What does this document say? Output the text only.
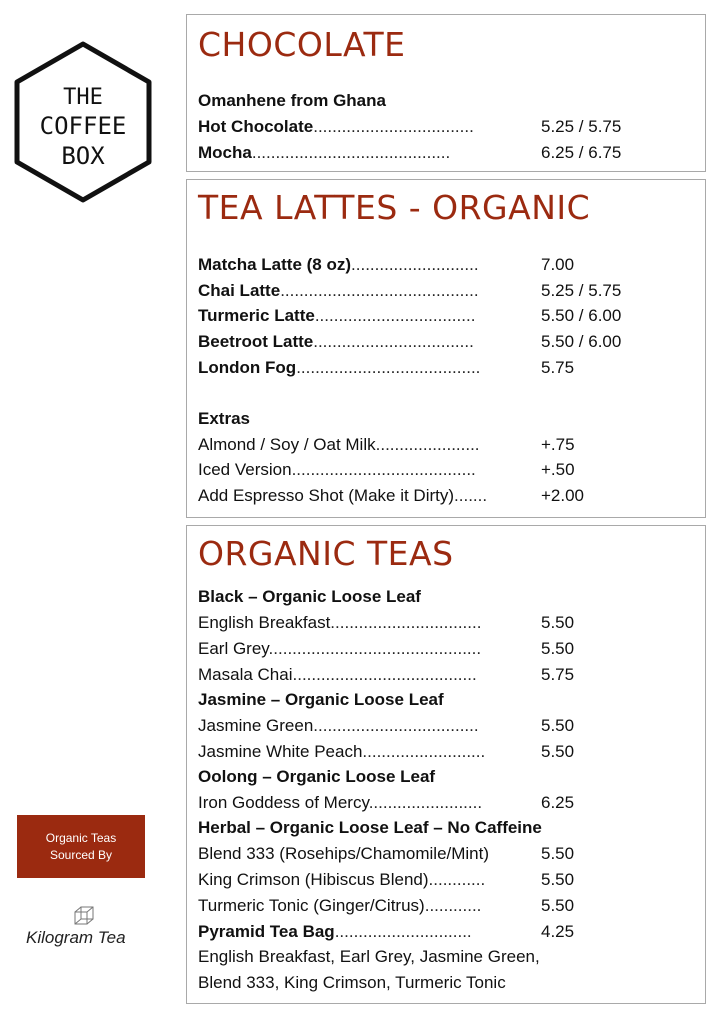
THE
COFFEE
BOX
Organic Teas
Sourced By
Kilogram Tea
CHOCOLATE
Omanhene from Ghana
Hot Chocolate..................................	5.25 / 5.75
Mocha..........................................	6.25 / 6.75
TEA LATTES - ORGANIC
Matcha Latte (8 oz)...........................	7.00
Chai Latte..........................................	5.25 / 5.75
Turmeric Latte..................................	5.50 / 6.00
Beetroot Latte..................................	5.50 / 6.00
London Fog.......................................	5.75
Extras
Almond / Soy / Oat Milk......................	+.75
Iced Version.......................................	+.50
Add Espresso Shot (Make it Dirty).......	+2.00
ORGANIC TEAS
Black – Organic Loose Leaf
English Breakfast................................	5.50
Earl Grey.............................................	5.50
Masala Chai.......................................	5.75
Jasmine – Organic Loose Leaf
Jasmine Green...................................	5.50
Jasmine White Peach..........................	5.50
Oolong – Organic Loose Leaf
Iron Goddess of Mercy........................	6.25
Herbal – Organic Loose Leaf – No Caffeine
Blend 333 (Rosehips/Chamomile/Mint)	5.50
King Crimson (Hibiscus Blend)............	5.50
Turmeric Tonic (Ginger/Citrus)............	5.50
Pyramid Tea Bag.............................	4.25
English Breakfast, Earl Grey, Jasmine Green,
Blend 333, King Crimson, Turmeric Tonic
